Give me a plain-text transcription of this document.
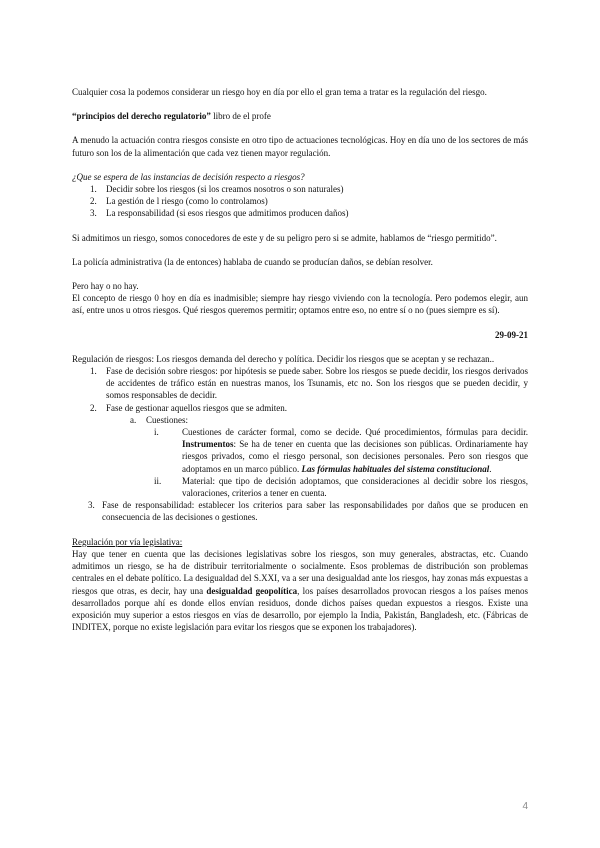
Cualquier cosa la podemos considerar un riesgo hoy en día por ello el gran tema a tratar es la regulación del riesgo.

“principios del derecho regulatorio” libro de el profe

A menudo la actuación contra riesgos consiste en otro tipo de actuaciones tecnológicas. Hoy en día uno de los sectores de más futuro son los de la alimentación que cada vez tienen mayor regulación.

¿Que se espera de las instancias de decisión respecto a riesgos?

1. Decidir sobre los riesgos (si los creamos nosotros o son naturales)
2. La gestión de l riesgo (como lo controlamos)
3. La responsabilidad (si esos riesgos que admitimos producen daños)

Si admitimos un riesgo, somos conocedores de este y de su peligro pero si se admite, hablamos de “riesgo permitido”.

La policía administrativa (la de entonces) hablaba de cuando se producían daños, se debían resolver.

Pero hay o no hay.

El concepto de riesgo 0 hoy en día es inadmisible; siempre hay riesgo viviendo con la tecnología. Pero podemos elegir, aun así, entre unos u otros riesgos. Qué riesgos queremos permitir; optamos entre eso, no entre sí o no (pues siempre es sí).

29-09-21

Regulación de riesgos: Los riesgos demanda del derecho y política. Decidir los riesgos que se aceptan y se rechazan..

1. Fase de decisión sobre riesgos: por hipótesis se puede saber. Sobre los riesgos se puede decidir, los riesgos derivados de accidentes de tráfico están en nuestras manos, los Tsunamis, etc no. Son los riesgos que se pueden decidir, y somos responsables de decidir.
2. Fase de gestionar aquellos riesgos que se admiten.
a. Cuestiones:
i.	Cuestiones de carácter formal, como se decide. Qué procedimientos, fórmulas para decidir. Instrumentos: Se ha de tener en cuenta que las decisiones son públicas. Ordinariamente hay riesgos privados, como el riesgo personal, son decisiones personales. Pero son riesgos que adoptamos en un marco público. Las fórmulas habituales del sistema constitucional.
ii. Material: que tipo de decisión adoptamos, que consideraciones al decidir sobre los riesgos, valoraciones, criterios a tener en cuenta.
3. Fase de responsabilidad: establecer los criterios para saber las responsabilidades por daños que se producen en consecuencia de las decisiones o gestiones.

Regulación por vía legislativa:

Hay que tener en cuenta que las decisiones legislativas sobre los riesgos, son muy generales, abstractas, etc. Cuando admitimos un riesgo, se ha de distribuir territorialmente o socialmente. Esos problemas de distribución son problemas centrales en el debate político. La desigualdad del S.XXI, va a ser una desigualdad ante los riesgos, hay zonas más expuestas a riesgos que otras, es decir, hay una desigualdad geopolítica, los países desarrollados provocan riesgos a los países menos desarrollados porque ahí es donde ellos envían residuos, donde dichos países quedan expuestos a riesgos. Existe una exposición muy superior a estos riesgos en vías de desarrollo, por ejemplo la India, Pakistán, Bangladesh, etc. (Fábricas de INDITEX, porque no existe legislación para evitar los riesgos que se exponen los trabajadores).

4
